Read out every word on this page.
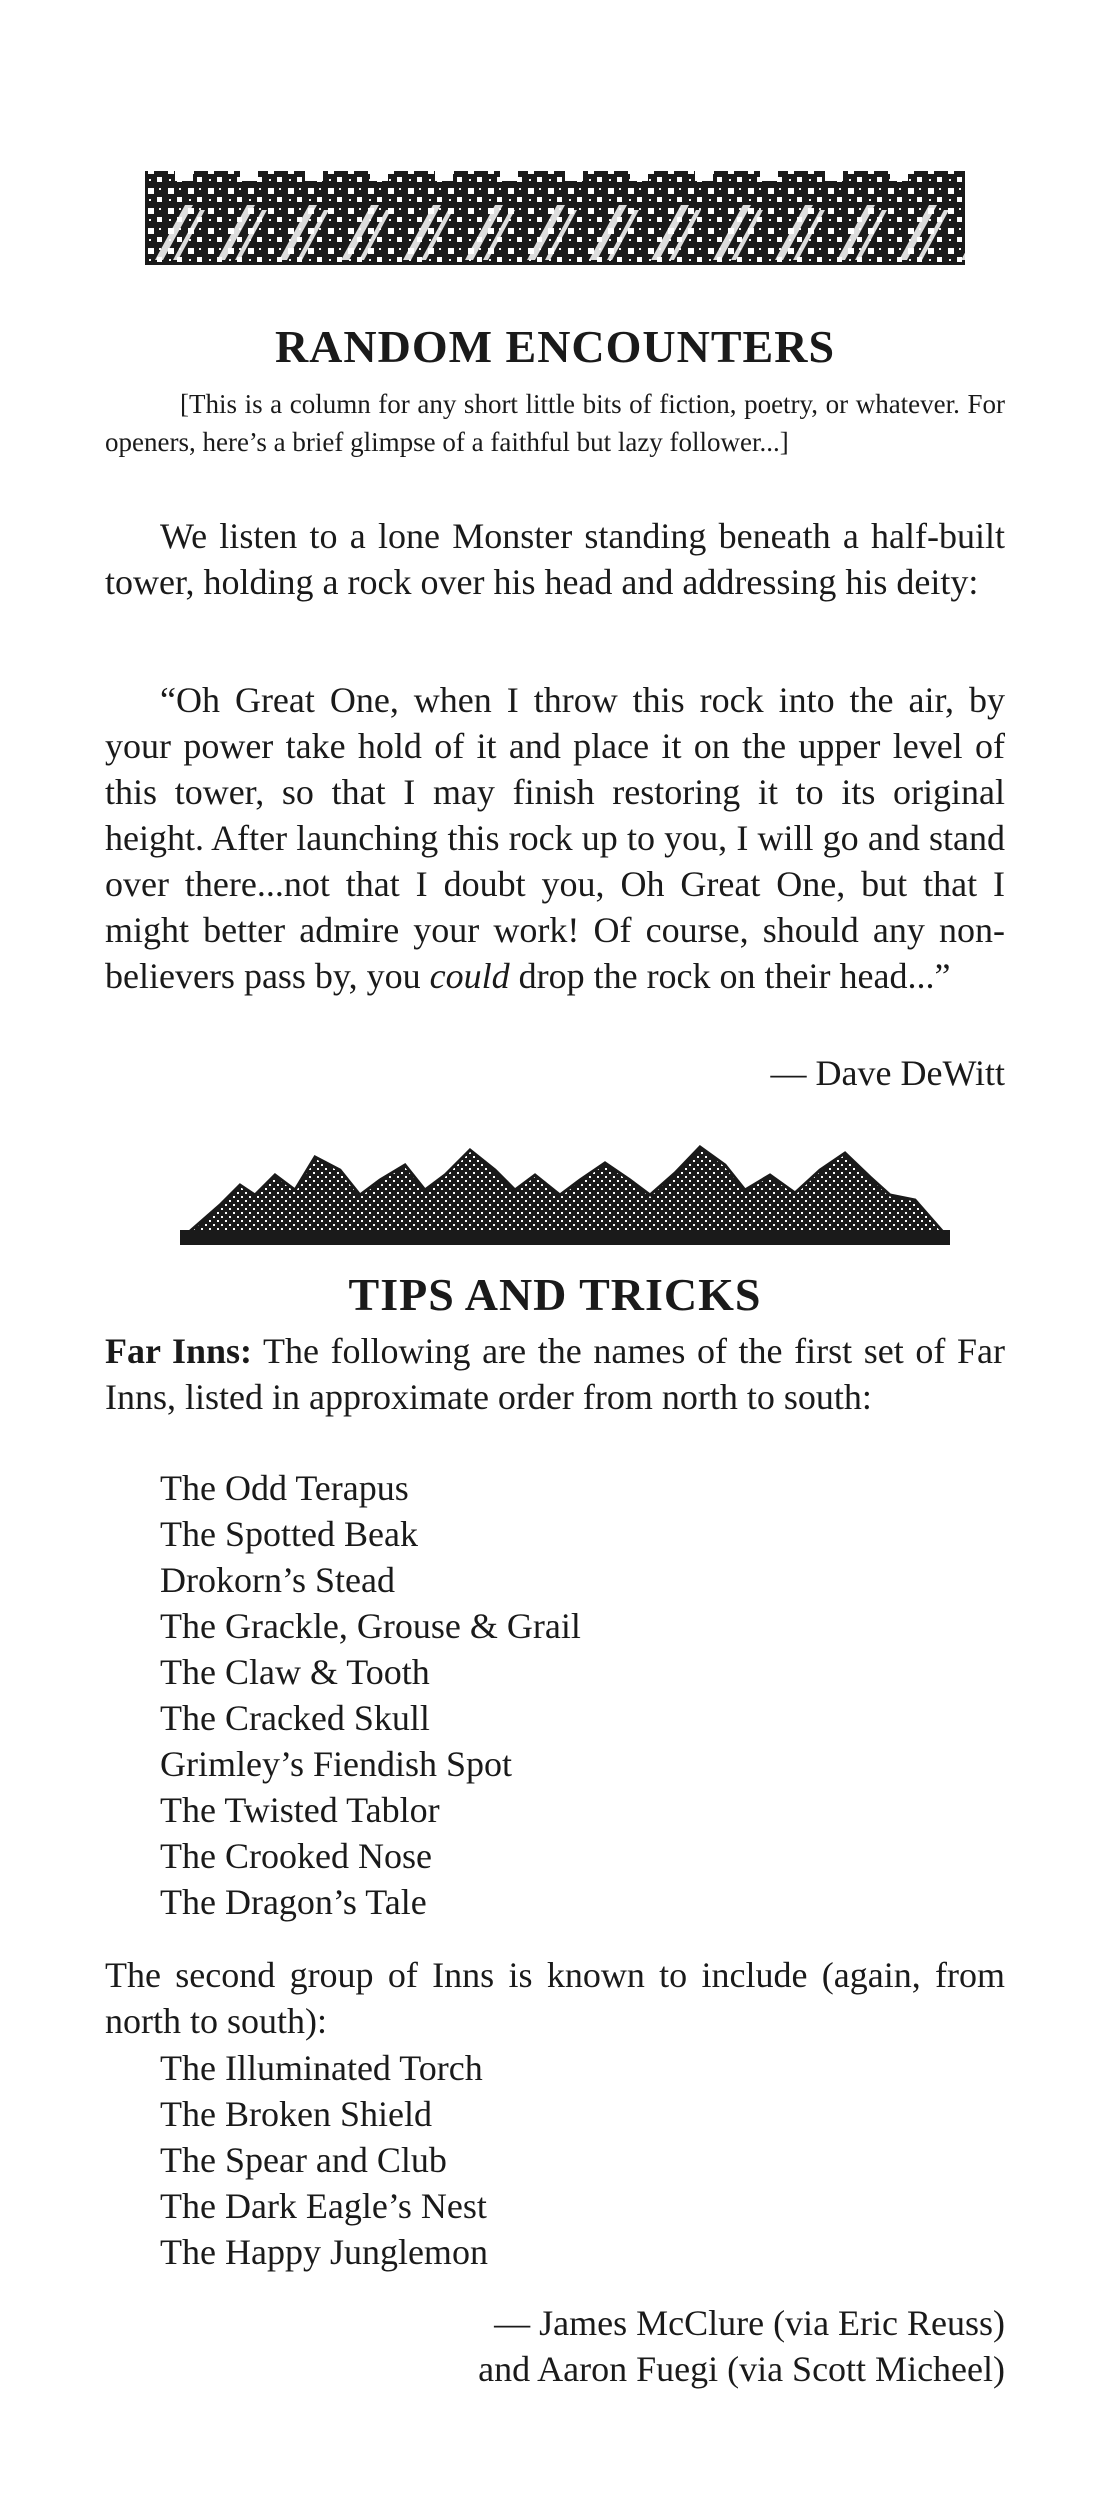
RANDOM ENCOUNTERS

[This is a column for any short little bits of fiction, poetry, or whatever. For openers, here’s a brief glimpse of a faithful but lazy follower...]

We listen to a lone Monster standing beneath a half-built tower, holding a rock over his head and addressing his deity:

“Oh Great One, when I throw this rock into the air, by your power take hold of it and place it on the upper level of this tower, so that I may finish restoring it to its original height. After launching this rock up to you, I will go and stand over there...not that I doubt you, Oh Great One, but that I might better admire your work! Of course, should any non-believers pass by, you could drop the rock on their head...”

— Dave DeWitt

TIPS AND TRICKS

Far Inns: The following are the names of the first set of Far Inns, listed in approximate order from north to south:

The Odd Terapus
The Spotted Beak
Drokorn’s Stead
The Grackle, Grouse & Grail
The Claw & Tooth
The Cracked Skull
Grimley’s Fiendish Spot
The Twisted Tablor
The Crooked Nose
The Dragon’s Tale

The second group of Inns is known to include (again, from north to south):

The Illuminated Torch
The Broken Shield
The Spear and Club
The Dark Eagle’s Nest
The Happy Junglemon

— James McClure (via Eric Reuss)

and Aaron Fuegi (via Scott Micheel)
